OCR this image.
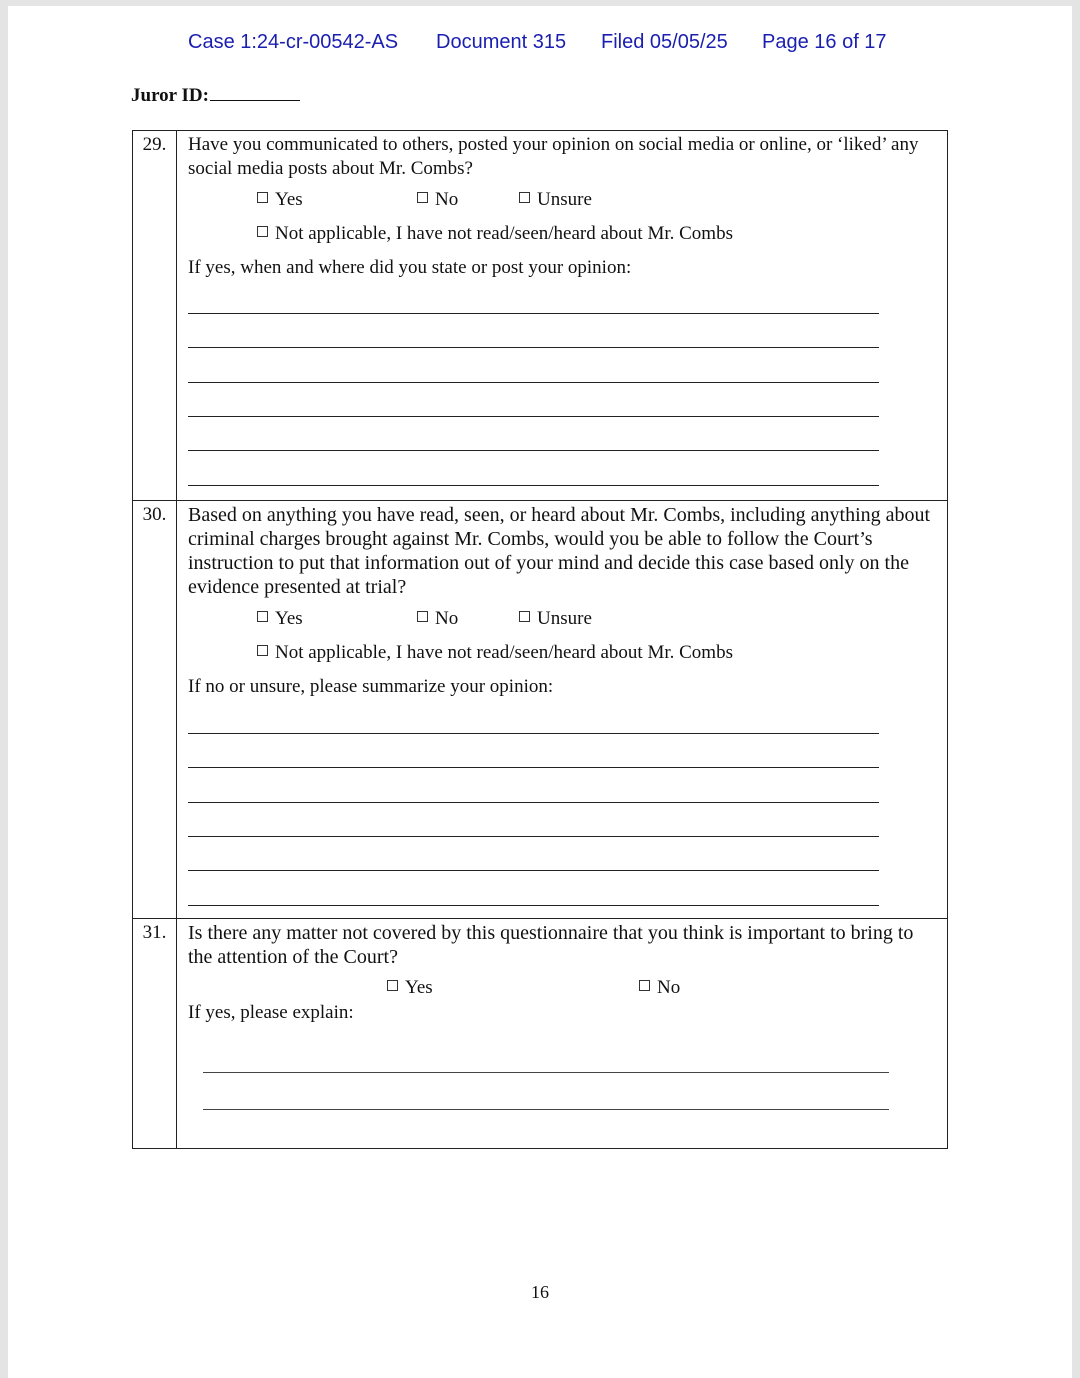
Case 1:24-cr-00542-AS Document 315 Filed 05/05/25 Page 16 of 17
Juror ID:
29.	Have you communicated to others, posted your opinion on social media or online, or ‘liked’ any social media posts about Mr. Combs?
Yes	No	Unsure
Not applicable, I have not read/seen/heard about Mr. Combs
If yes, when and where did you state or post your opinion:
30.	Based on anything you have read, seen, or heard about Mr. Combs, including anything about criminal charges brought against Mr. Combs, would you be able to follow the Court’s instruction to put that information out of your mind and decide this case based only on the evidence presented at trial?
Yes	No	Unsure
Not applicable, I have not read/seen/heard about Mr. Combs
If no or unsure, please summarize your opinion:
31.	Is there any matter not covered by this questionnaire that you think is important to bring to the attention of the Court?
Yes	No
If yes, please explain:
16
